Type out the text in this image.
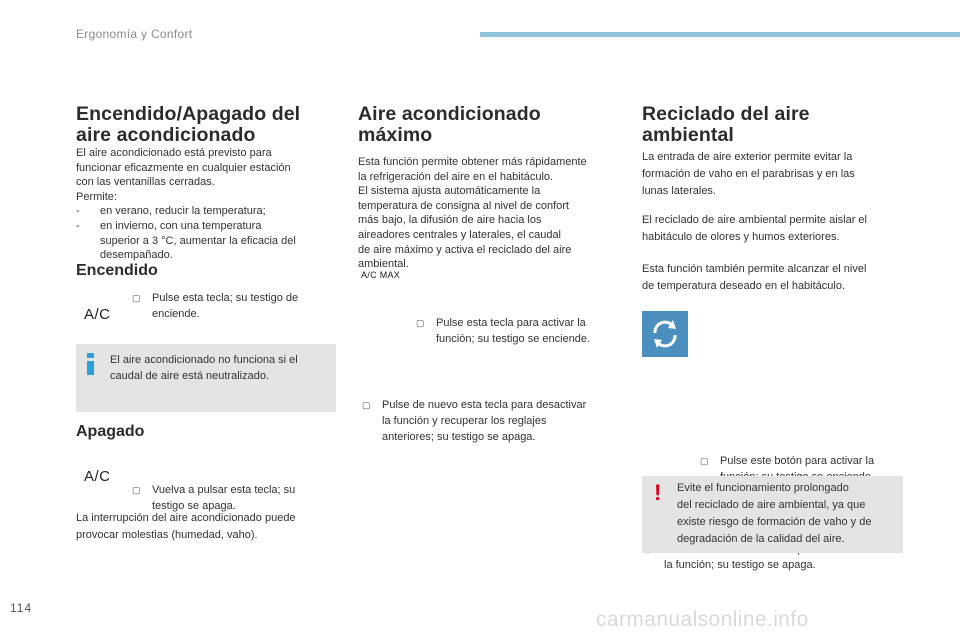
Ergonomía y Confort
Encendido/Apagado del
aire acondicionado

El aire acondicionado está previsto para

funcionar eficazmente en cualquier estación

con las ventanillas cerradas.

Permite:

- en verano, reducir la temperatura;
- en invierno, con una temperatura
superior a 3 °C, aumentar la eficacia del
desempañado.
Encendido
A/C
▢ Pulse esta tecla; su testigo de
enciende.
El aire acondicionado no funciona si el
caudal de aire está neutralizado.
Apagado
A/C
▢ Vuelva a pulsar esta tecla; su
testigo se apaga.

La interrupción del aire acondicionado puede

provocar molestias (humedad, vaho).

Aire acondicionado máximo

Esta función permite obtener más rápidamente

la refrigeración del aire en el habitáculo.

El sistema ajusta automáticamente la

temperatura de consigna al nivel de confort

más bajo, la difusión de aire hacia los

aireadores centrales y laterales, el caudal

de aire máximo y activa el reciclado del aire

ambiental.

A/C MAX
▢ Pulse esta tecla para activar la
función; su testigo se enciende.
▢ Pulse de nuevo esta tecla para desactivar
la función y recuperar los reglajes
anteriores; su testigo se apaga.
Reciclado del aire
ambiental

La entrada de aire exterior permite evitar la

formación de vaho en el parabrisas y en las

lunas laterales.

El reciclado de aire ambiental permite aislar el

habitáculo de olores y humos exteriores.

Esta función también permite alcanzar el nivel

de temperatura deseado en el habitáculo.

▢ Pulse este botón para activar la

la función; su testigo se apaga.
! Evite el funcionamiento prolongado
del reciclado de aire ambiental, ya que
existe riesgo de formación de vaho y de
degradación de la calidad del aire.
114	carmanualsonline.info
